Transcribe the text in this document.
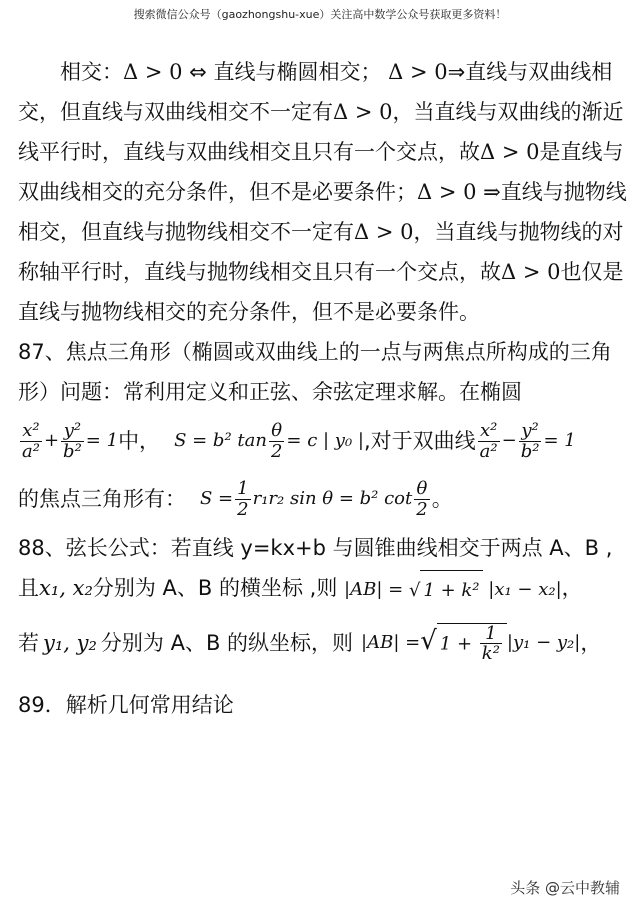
搜索微信公众号（gaozhongshu-xue）关注高中数学公众号获取更多资料！

相交：Δ > 0 ⇔ 直线与椭圆相交； Δ > 0⇒直线与双曲线相交，但直线与双曲线相交不一定有Δ > 0，当直线与双曲线的渐近线平行时，直线与双曲线相交且只有一个交点，故Δ > 0是直线与双曲线相交的充分条件，但不是必要条件；Δ > 0 ⇒直线与抛物线相交，但直线与抛物线相交不一定有Δ > 0，当直线与抛物线的对称轴平行时，直线与抛物线相交且只有一个交点，故Δ > 0也仅是直线与抛物线相交的充分条件，但不是必要条件。

87、焦点三角形（椭圆或双曲线上的一点与两焦点所构成的三角形）问题：常利用定义和正弦、余弦定理求解。在椭圆

$\frac{\text{x²}}{\text{a²}} + \frac{\text{y²}}{\text{b²}} = 1$ 中， S = b² $\tan \frac{\theta}{2} = c$ | y₀ | ,对于双曲线 $\frac{\text{x²}}{\text{a²}} - \frac{\text{y²}}{\text{b²}} = 1$
的焦点三角形有： $S = \frac{1}{2} r_1r_2$ sin θ = b² $\cot \frac{\theta}{2}$ 。

88、弦长公式：若直线 y=kx+b 与圆锥曲线相交于两点 A、B ,且x₁, x₂分别为 A、B 的横坐标 ,则 |AB| = √ 1 + k² |x₁ − x₂|，

若 y₁, y₂ 分别为 A、B 的纵坐标，则 |AB| = √ $1 + \frac{1}{\text{k²}} |y_1 - y_2|$ ，

89．解析几何常用结论

头条 @云中教辅
